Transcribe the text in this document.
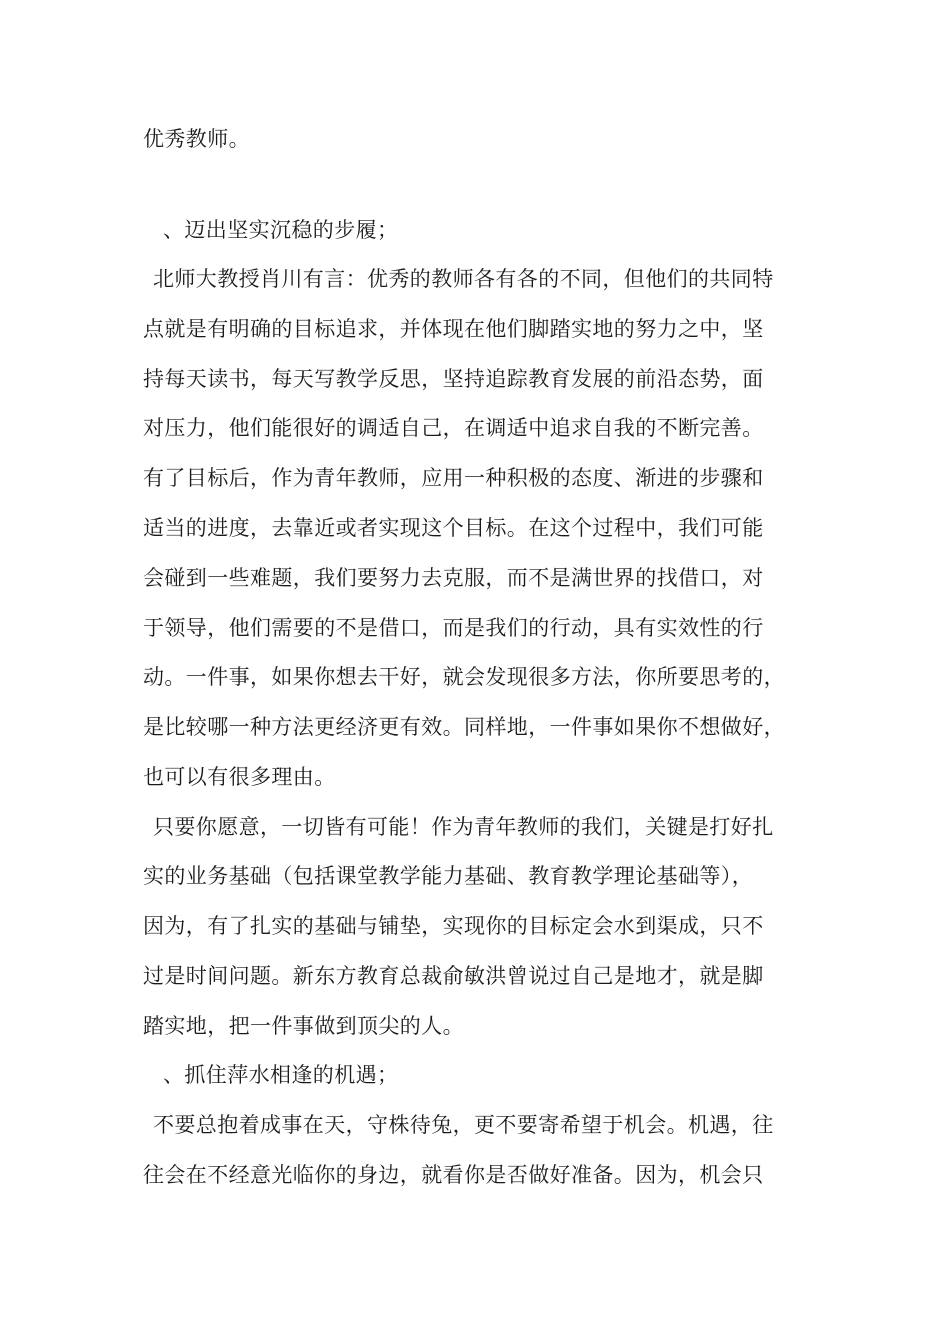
优秀教师。
、迈出坚实沉稳的步履；
北师大教授肖川有言：优秀的教师各有各的不同，但他们的共同特
点就是有明确的目标追求，并体现在他们脚踏实地的努力之中，坚
持每天读书，每天写教学反思，坚持追踪教育发展的前沿态势，面
对压力，他们能很好的调适自己，在调适中追求自我的不断完善。
有了目标后，作为青年教师，应用一种积极的态度、渐进的步骤和
适当的进度，去靠近或者实现这个目标。在这个过程中，我们可能
会碰到一些难题，我们要努力去克服，而不是满世界的找借口，对
于领导，他们需要的不是借口，而是我们的行动，具有实效性的行
动。一件事，如果你想去干好，就会发现很多方法，你所要思考的，
是比较哪一种方法更经济更有效。同样地，一件事如果你不想做好，
也可以有很多理由。
只要你愿意，一切皆有可能！作为青年教师的我们，关键是打好扎
实的业务基础（包括课堂教学能力基础、教育教学理论基础等），
因为，有了扎实的基础与铺垫，实现你的目标定会水到渠成，只不
过是时间问题。新东方教育总裁俞敏洪曾说过自己是地才，就是脚
踏实地，把一件事做到顶尖的人。
、抓住萍水相逢的机遇；
不要总抱着成事在天，守株待兔，更不要寄希望于机会。机遇，往
往会在不经意光临你的身边，就看你是否做好准备。因为，机会只
